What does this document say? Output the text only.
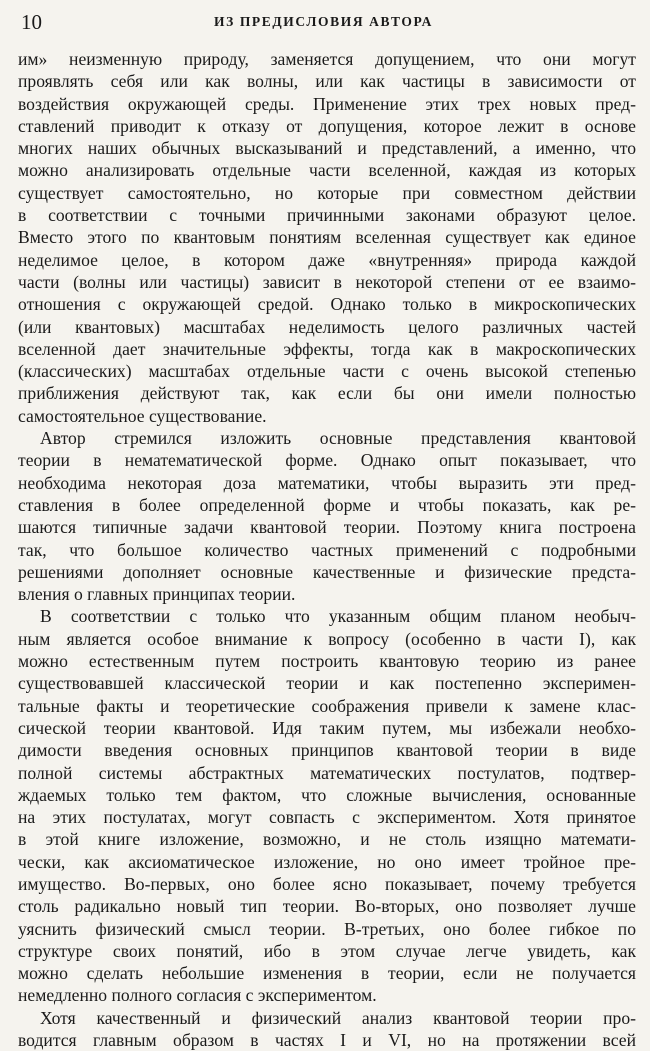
10	ИЗ ПРЕДИСЛОВИЯ АВТОРА
им» неизменную природу, заменяется допущением, что они могут
проявлять себя или как волны, или как частицы в зависимости от
воздействия окружающей среды. Применение этих трех новых пред-
ставлений приводит к отказу от допущения, которое лежит в основе
многих наших обычных высказываний и представлений, а именно, что
можно анализировать отдельные части вселенной, каждая из которых
существует самостоятельно, но которые при совместном действии
в соответствии с точными причинными законами образуют целое.
Вместо этого по квантовым понятиям вселенная существует как единое
неделимое целое, в котором даже «внутренняя» природа каждой
части (волны или частицы) зависит в некоторой степени от ее взаимо-
отношения с окружающей средой. Однако только в микроскопических
(или квантовых) масштабах неделимость целого различных частей
вселенной дает значительные эффекты, тогда как в макроскопических
(классических) масштабах отдельные части с очень высокой степенью
приближения действуют так, как если бы они имели полностью
самостоятельное существование.
Автор стремился изложить основные представления квантовой
теории в нематематической форме. Однако опыт показывает, что
необходима некоторая доза математики, чтобы выразить эти пред-
ставления в более определенной форме и чтобы показать, как ре-
шаются типичные задачи квантовой теории. Поэтому книга построена
так, что большое количество частных применений с подробными
решениями дополняет основные качественные и физические предста-
вления о главных принципах теории.
В соответствии с только что указанным общим планом необыч-
ным является особое внимание к вопросу (особенно в части I), как
можно естественным путем построить квантовую теорию из ранее
существовавшей классической теории и как постепенно эксперимен-
тальные факты и теоретические соображения привели к замене клас-
сической теории квантовой. Идя таким путем, мы избежали необхо-
димости введения основных принципов квантовой теории в виде
полной системы абстрактных математических постулатов, подтвер-
ждаемых только тем фактом, что сложные вычисления, основанные
на этих постулатах, могут совпасть с экспериментом. Хотя принятое
в этой книге изложение, возможно, и не столь изящно математи-
чески, как аксиоматическое изложение, но оно имеет тройное пре-
имущество. Во-первых, оно более ясно показывает, почему требуется
столь радикально новый тип теории. Во-вторых, оно позволяет лучше
уяснить физический смысл теории. В-третьих, оно более гибкое по
структуре своих понятий, ибо в этом случае легче увидеть, как
можно сделать небольшие изменения в теории, если не получается
немедленно полного согласия с экспериментом.
Хотя качественный и физический анализ квантовой теории про-
водится главным образом в частях I и VI, но на протяжении всей
